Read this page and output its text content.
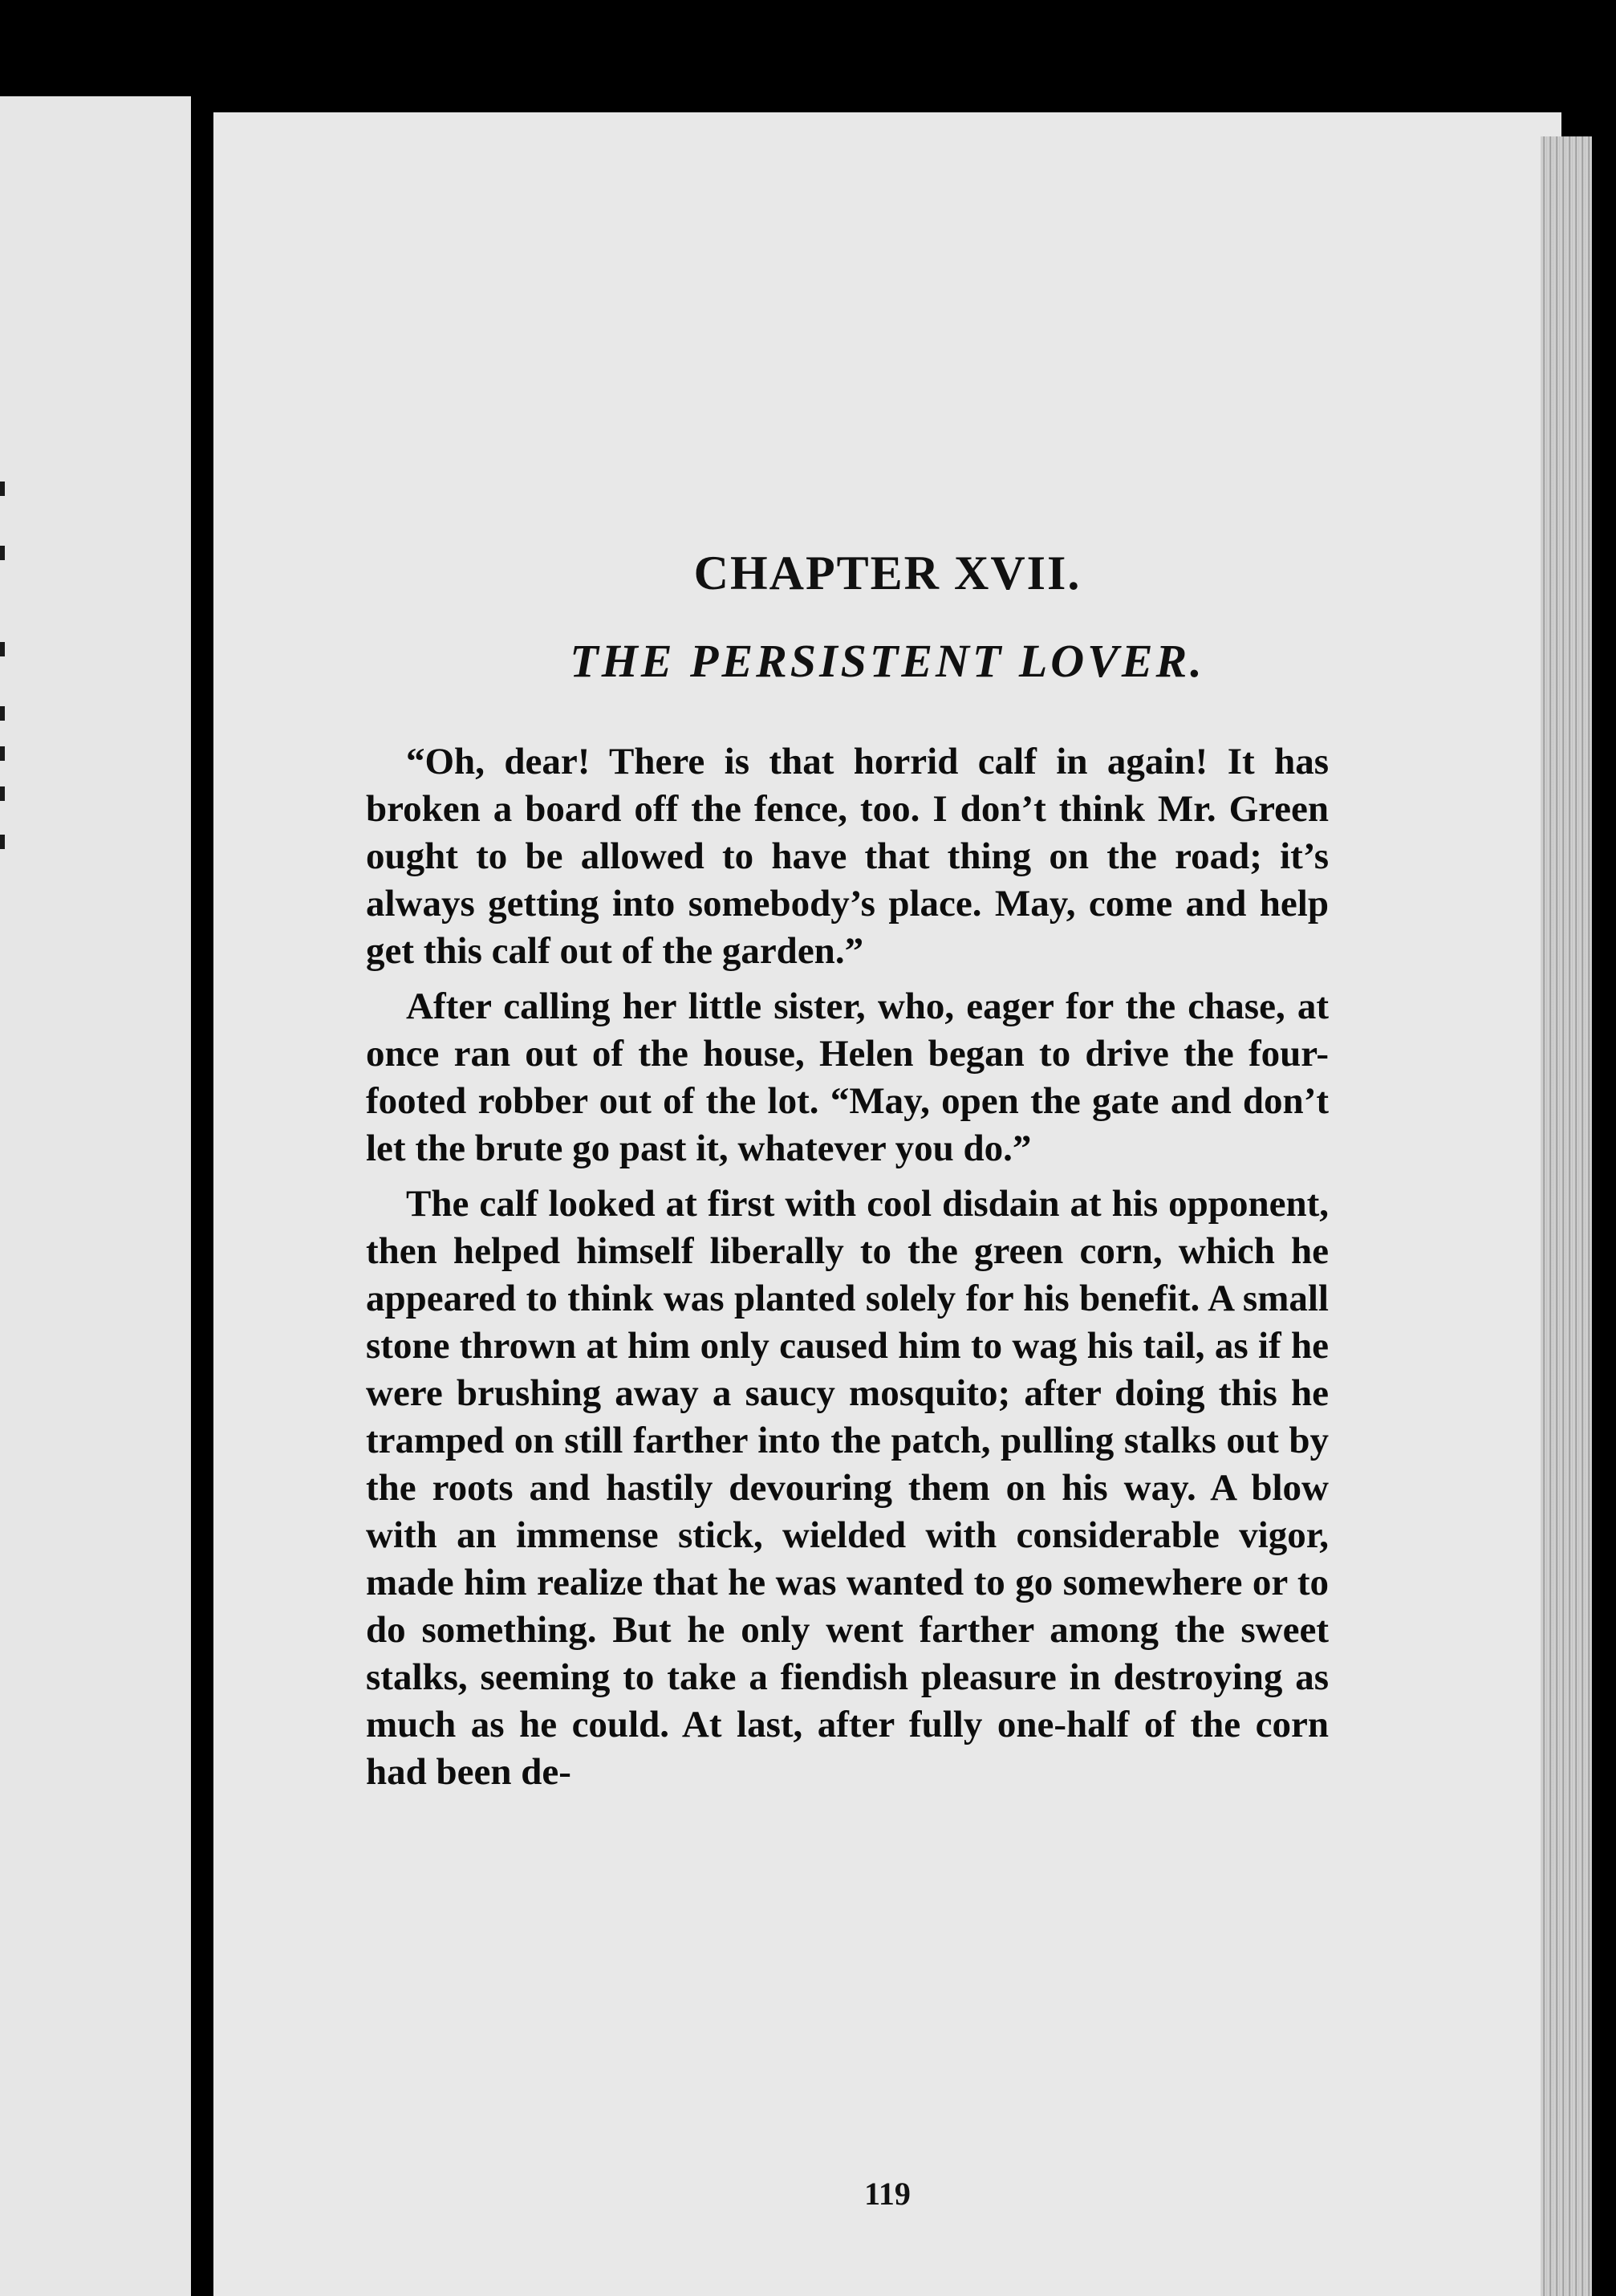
CHAPTER XVII.
THE PERSISTENT LOVER.

“Oh, dear! There is that horrid calf in again! It has broken a board off the fence, too. I don’t think Mr. Green ought to be allowed to have that thing on the road; it’s always getting into somebody’s place. May, come and help get this calf out of the garden.”

After calling her little sister, who, eager for the chase, at once ran out of the house, Helen began to drive the four-footed robber out of the lot. “May, open the gate and don’t let the brute go past it, whatever you do.”

The calf looked at first with cool disdain at his opponent, then helped himself liberally to the green corn, which he appeared to think was planted solely for his benefit. A small stone thrown at him only caused him to wag his tail, as if he were brushing away a saucy mosquito; after doing this he tramped on still farther into the patch, pulling stalks out by the roots and hastily devouring them on his way. A blow with an immense stick, wielded with considerable vigor, made him realize that he was wanted to go somewhere or to do something. But he only went farther among the sweet stalks, seeming to take a fiendish pleasure in destroying as much as he could. At last, after fully one-half of the corn had been de-

119
